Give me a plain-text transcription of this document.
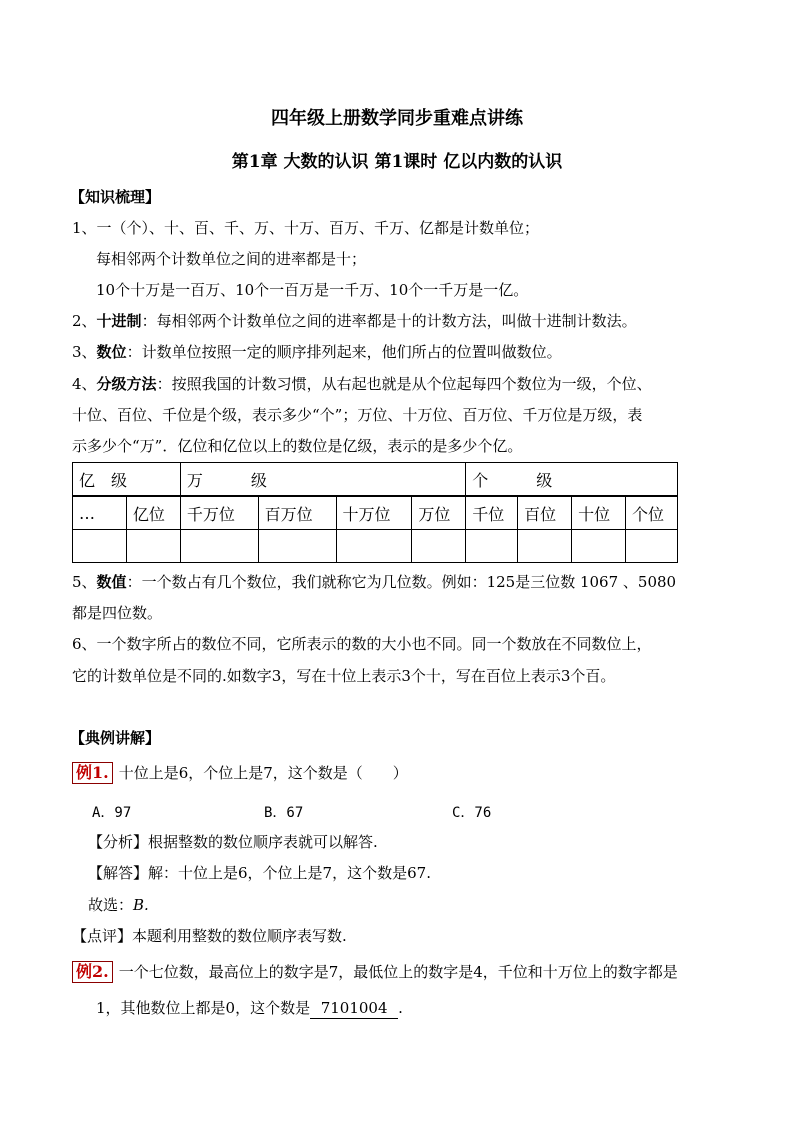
四年级上册数学同步重难点讲练
第1章 大数的认识 第1课时 亿以内数的认识
【知识梳理】
1、一（个）、十、百、千、万、十万、百万、千万、亿都是计数单位；
每相邻两个计数单位之间的进率都是十；
10个十万是一百万、10个一百万是一千万、10个一千万是一亿。
2、十进制：每相邻两个计数单位之间的进率都是十的计数方法，叫做十进制计数法。
3、数位：计数单位按照一定的顺序排列起来，他们所占的位置叫做数位。
4、分级方法：按照我国的计数习惯，从右起也就是从个位起每四个数位为一级，个位、
十位、百位、千位是个级，表示多少“个”；万位、十万位、百万位、千万位是万级，表
示多少个“万”．亿位和亿位以上的数位是亿级，表示的是多少个亿。
亿　级		万　　　级				个　　　级			
…	亿位	千万位	百万位	十万位	万位	千位	百位	十位	个位

5、数值：一个数占有几个数位，我们就称它为几位数。例如：125是三位数 1067 、5080
都是四位数。
6、一个数字所占的数位不同，它所表示的数的大小也不同。同一个数放在不同数位上，
它的计数单位是不同的.如数字3，写在十位上表示3个十，写在百位上表示3个百。
【典例讲解】
例1. 十位上是6，个位上是7，这个数是（　　）
A．97	B．67	C．76
【分析】根据整数的数位顺序表就可以解答.
【解答】解：十位上是6，个位上是7，这个数是67.
故选：B.
【点评】本题利用整数的数位顺序表写数.
例2. 一个七位数，最高位上的数字是7，最低位上的数字是4，千位和十万位上的数字都是
1，其他数位上都是0，这个数是 7101004 .
